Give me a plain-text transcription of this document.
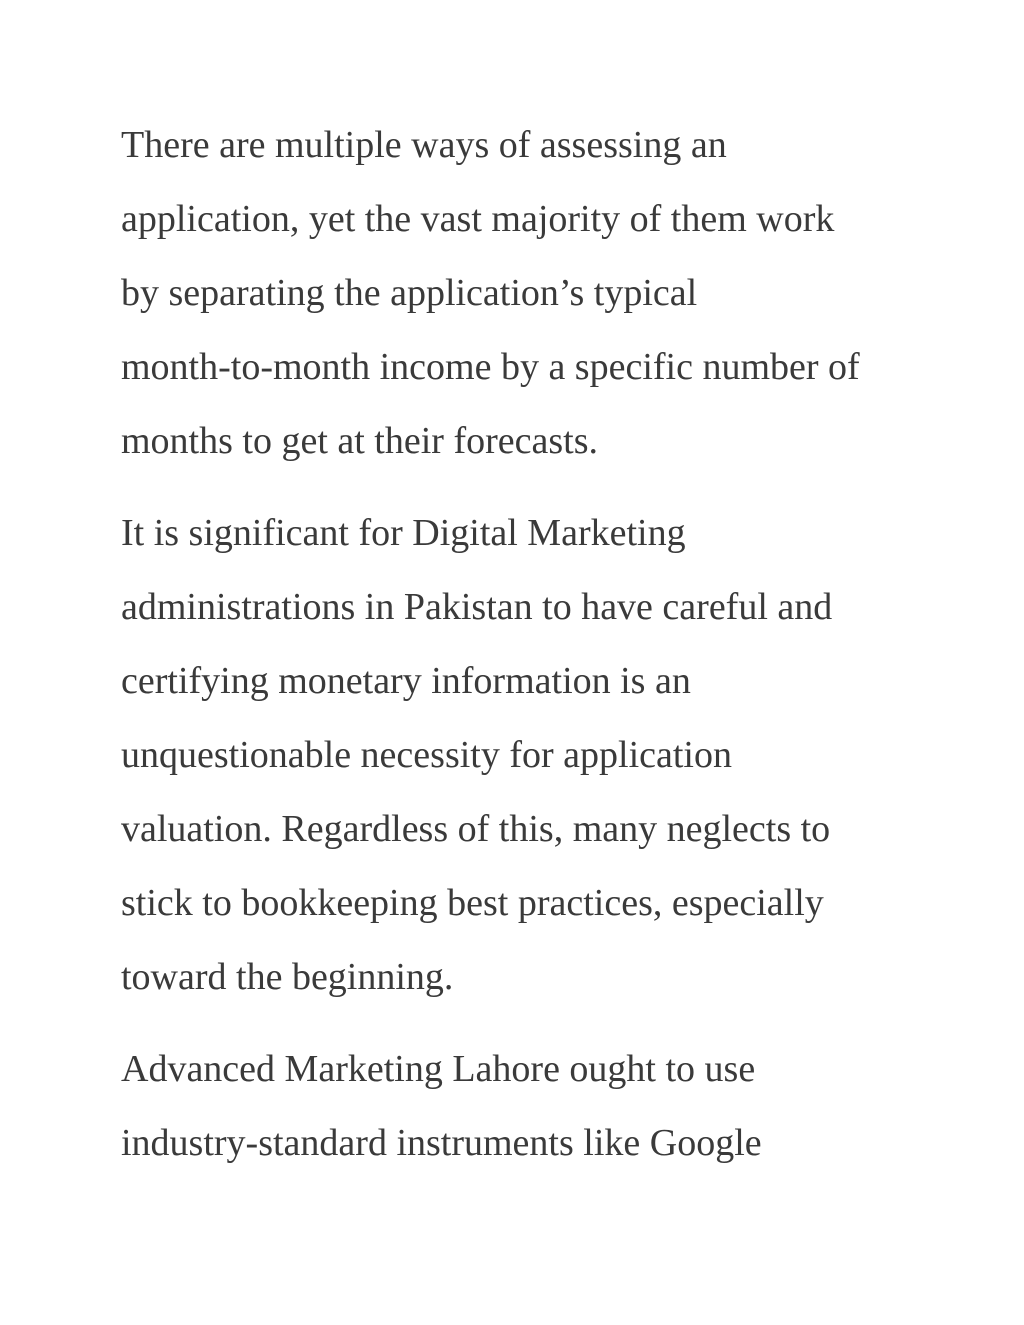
There are multiple ways of assessing an
application, yet the vast majority of them work
by separating the application’s typical
month-to-month income by a specific number of
months to get at their forecasts.
It is significant for Digital Marketing
administrations in Pakistan to have careful and
certifying monetary information is an
unquestionable necessity for application
valuation. Regardless of this, many neglects to
stick to bookkeeping best practices, especially
toward the beginning.
Advanced Marketing Lahore ought to use
industry-standard instruments like Google
